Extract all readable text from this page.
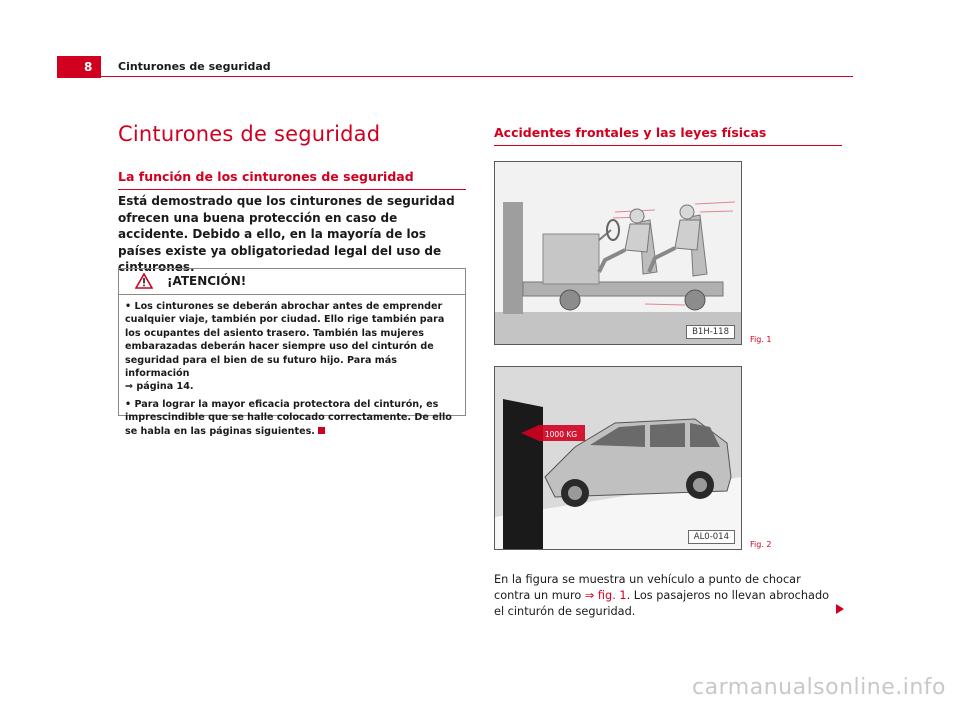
8	Cinturones de seguridad
Cinturones de seguridad
La función de los cinturones de seguridad
Está demostrado que los cinturones de seguridad ofrecen una buena protección en caso de accidente. Debido a ello, en la mayoría de los países existe ya obligatoriedad legal del uso de cinturones.
¡ATENCIÓN!

• Los cinturones se deberán abrochar antes de emprender cualquier viaje, también por ciudad. Ello rige también para los ocupantes del asiento trasero. También las mujeres embarazadas deberán hacer siempre uso del cinturón de seguridad para el bien de su futuro hijo. Para más información
⇒ página 14.

• Para lograr la mayor eficacia protectora del cinturón, es imprescindible que se halle colocado correctamente. De ello se habla en las páginas siguientes.

Accidentes frontales y las leyes físicas
B1H-118
Fig. 1
1000 KG
AL0-014
Fig. 2
En la figura se muestra un vehículo a punto de chocar contra un muro ⇒ fig. 1. Los pasajeros no llevan abrochado el cinturón de seguridad.
carmanualsonline.info
